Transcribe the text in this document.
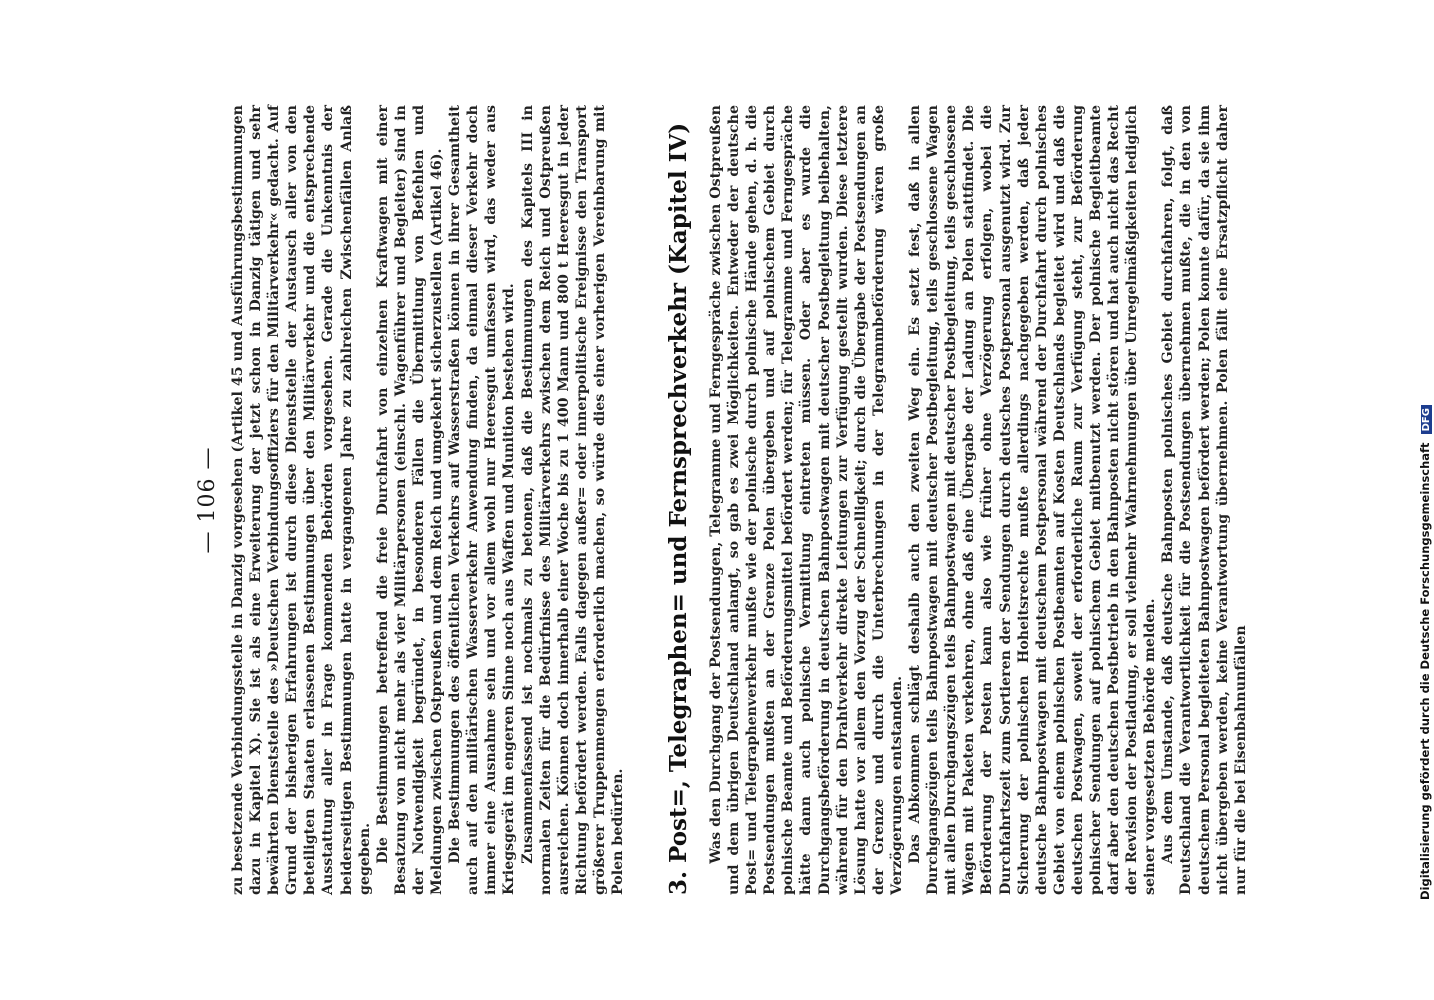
— 106 — zu besetzende Verbindungsstelle in Danzig vorgesehen (Artikel 45 und Ausführungsbestimmungen dazu in Kapitel X). Sie ist als eine Erweiterung der jetzt schon in Danzig tätigen und sehr bewährten Dienststelle des »Deutschen Verbindungsoffiziers für den Militärverkehr« gedacht. Auf Grund der bisherigen Erfahrungen ist durch diese Dienststelle der Austausch aller von den beteiligten Staaten erlassenen Bestimmungen über den Militärverkehr und die entsprechende Ausstattung aller in Frage kommenden Behörden vorgesehen. Gerade die Unkenntnis der beiderseitigen Bestimmungen hatte in vergangenen Jahre zu zahlreichen Zwischenfällen Anlaß gegeben. Die Bestimmungen betreffend die freie Durchfahrt von einzelnen Kraftwagen mit einer Besatzung von nicht mehr als vier Militärpersonen (einschl. Wagenführer und Begleiter) sind in der Notwendigkeit begründet, in besonderen Fällen die Übermittlung von Befehlen und Meldungen zwischen Ostpreußen und dem Reich und umgekehrt sicherzustellen (Artikel 46). Die Bestimmungen des öffentlichen Verkehrs auf Wasserstraßen können in ihrer Gesamtheit auch auf den militärischen Wasserverkehr Anwendung finden, da einmal dieser Verkehr doch immer eine Ausnahme sein und vor allem wohl nur Heeresgut umfassen wird, das weder aus Kriegsgerät im engeren Sinne noch aus Waffen und Munition bestehen wird. Zusammenfassend ist nochmals zu betonen, daß die Bestimmungen des Kapitels III in normalen Zeiten für die Bedürfnisse des Militärverkehrs zwischen dem Reich und Ostpreußen ausreichen. Können doch innerhalb einer Woche bis zu 1 400 Mann und 800 t Heeresgut in jeder Richtung befördert werden. Falls dagegen außer= oder innerpolitische Ereignisse den Transport größerer Truppenmengen erforderlich machen, so würde dies einer vorherigen Vereinbarung mit Polen bedürfen. 3. Post=, Telegraphen= und Fernsprechverkehr (Kapitel IV) Was den Durchgang der Postsendungen, Telegramme und Ferngespräche zwischen Ostpreußen und dem übrigen Deutschland anlangt, so gab es zwei Möglichkeiten. Entweder der deutsche Post= und Telegraphenverkehr mußte wie der polnische durch polnische Hände gehen, d. h. die Postsendungen mußten an der Grenze Polen übergeben und auf polnischem Gebiet durch polnische Beamte und Beförderungsmittel befördert werden; für Telegramme und Ferngespräche hätte dann auch polnische Vermittlung eintreten müssen. Oder aber es wurde die Durchgangsbeförderung in deutschen Bahnpostwagen mit deutscher Postbegleitung beibehalten, während für den Drahtverkehr direkte Leitungen zur Verfügung gestellt wurden. Diese letztere Lösung hatte vor allem den Vorzug der Schnelligkeit; durch die Übergabe der Postsendungen an der Grenze und durch die Unterbrechungen in der Telegrammbeförderung wären große Verzögerungen entstanden. Das Abkommen schlägt deshalb auch den zweiten Weg ein. Es setzt fest, daß in allen Durchgangszügen teils Bahnpostwagen mit deutscher Postbegleitung, teils geschlossene Wagen mit allen Durchgangszügen teils Bahnpostwagen mit deutscher Postbegleitung, teils geschlossene Wagen mit Paketen verkehren, ohne daß eine Übergabe der Ladung an Polen stattfindet. Die Beförderung der Posten kann also wie früher ohne Verzögerung erfolgen, wobei die Durchfahrtszeit zum Sortieren der Sendungen durch deutsches Postpersonal ausgenutzt wird. Zur Sicherung der polnischen Hoheitsrechte mußte allerdings nachgegeben werden, daß jeder deutsche Bahnpostwagen mit deutschem Postpersonal während der Durchfahrt durch polnisches Gebiet von einem polnischen Postbeamten auf Kosten Deutschlands begleitet wird und daß die deutschen Postwagen, soweit der erforderliche Raum zur Verfügung steht, zur Beförderung polnischer Sendungen auf polnischem Gebiet mitbenutzt werden. Der polnische Begleitbeamte darf aber den deutschen Postbetrieb in den Bahnposten nicht stören und hat auch nicht das Recht der Revision der Postladung, er soll vielmehr Wahrnehmungen über Unregelmäßigkeiten lediglich seiner vorgesetzten Behörde melden. Aus dem Umstande, daß deutsche Bahnposten polnisches Gebiet durchfahren, folgt, daß Deutschland die Verantwortlichkeit für die Postsendungen übernehmen mußte, die in den von deutschem Personal begleiteten Bahnpostwagen befördert werden; Polen konnte dafür, da sie ihm nicht übergeben werden, keine Verantwortung übernehmen. Polen fällt eine Ersatzpflicht daher nur für die bei Eisenbahnunfällen	Digitalisierung gefördert durch die Deutsche Forschungsgemeinschaft DFG
